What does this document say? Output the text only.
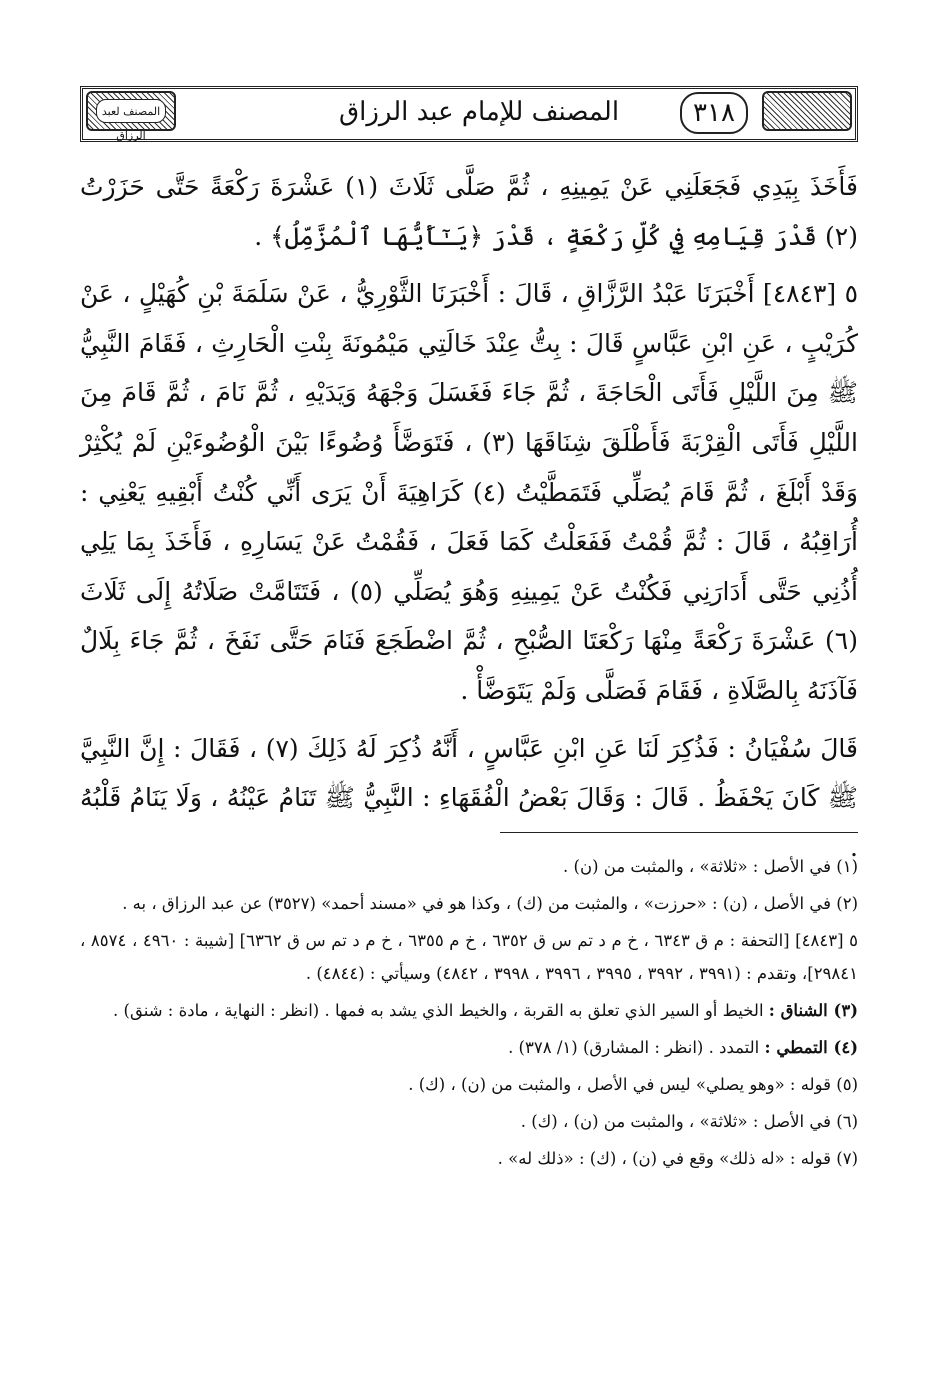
المصنف لعبد الرزاق
المصنف للإمام عبد الرزاق	٣١٨

فَأَخَذَ بِيَدِي فَجَعَلَنِي عَنْ يَمِينِهِ ، ثُمَّ صَلَّى ثَلَاثَ (١) عَشْرَةَ رَكْعَةً حَتَّى حَزَرْتُ (٢) قَدْرَ قِيَامِهِ فِي كُلِّ رَكْعَةٍ ، قَدْرَ ﴿يَـٰٓأَيُّهَا ٱلْمُزَّمِّلُ﴾ .

٥ [٤٨٤٣] أَخْبَرَنَا عَبْدُ الرَّزَّاقِ ، قَالَ : أَخْبَرَنَا الثَّوْرِيُّ ، عَنْ سَلَمَةَ بْنِ كُهَيْلٍ ، عَنْ كُرَيْبٍ ، عَنِ ابْنِ عَبَّاسٍ قَالَ : بِتُّ عِنْدَ خَالَتِي مَيْمُونَةَ بِنْتِ الْحَارِثِ ، فَقَامَ النَّبِيُّ ﷺ مِنَ اللَّيْلِ فَأَتَى الْحَاجَةَ ، ثُمَّ جَاءَ فَغَسَلَ وَجْهَهُ وَيَدَيْهِ ، ثُمَّ نَامَ ، ثُمَّ قَامَ مِنَ اللَّيْلِ فَأَتَى الْقِرْبَةَ فَأَطْلَقَ شِنَاقَهَا (٣) ، فَتَوَضَّأَ وُضُوءًا بَيْنَ الْوُضُوءَيْنِ لَمْ يُكْثِرْ وَقَدْ أَبْلَغَ ، ثُمَّ قَامَ يُصَلِّي فَتَمَطَّيْتُ (٤) كَرَاهِيَةَ أَنْ يَرَى أَنِّي كُنْتُ أَبْقِيهِ يَعْنِي : أُرَاقِبُهُ ، قَالَ : ثُمَّ قُمْتُ فَفَعَلْتُ كَمَا فَعَلَ ، فَقُمْتُ عَنْ يَسَارِهِ ، فَأَخَذَ بِمَا يَلِي أُذُنِي حَتَّى أَدَارَنِي فَكُنْتُ عَنْ يَمِينِهِ وَهُوَ يُصَلِّي (٥) ، فَتَتَامَّتْ صَلَاتُهُ إِلَى ثَلَاثَ (٦) عَشْرَةَ رَكْعَةً مِنْهَا رَكْعَتَا الصُّبْحِ ، ثُمَّ اضْطَجَعَ فَنَامَ حَتَّى نَفَخَ ، ثُمَّ جَاءَ بِلَالٌ فَآذَنَهُ بِالصَّلَاةِ ، فَقَامَ فَصَلَّى وَلَمْ يَتَوَضَّأْ .

قَالَ سُفْيَانُ : فَذُكِرَ لَنَا عَنِ ابْنِ عَبَّاسٍ ، أَنَّهُ ذُكِرَ لَهُ ذَلِكَ (٧) ، فَقَالَ : إِنَّ النَّبِيَّ ﷺ كَانَ يَحْفَظُ . قَالَ : وَقَالَ بَعْضُ الْفُقَهَاءِ : النَّبِيُّ ﷺ تَنَامُ عَيْنُهُ ، وَلَا يَنَامُ قَلْبُهُ .

(١) في الأصل : «ثلاثة» ، والمثبت من (ن) .

(٢) في الأصل ، (ن) : «حرزت» ، والمثبت من (ك) ، وكذا هو في «مسند أحمد» (٣٥٢٧) عن عبد الرزاق ، به .

٥ [٤٨٤٣] [التحفة : م ق ٦٣٤٣ ، خ م د تم س ق ٦٣٥٢ ، خ م ٦٣٥٥ ، خ م د تم س ق ٦٣٦٢] [شيبة : ٤٩٦٠ ، ٨٥٧٤ ، ٢٩٨٤١]، وتقدم : (٣٩٩١ ، ٣٩٩٢ ، ٣٩٩٥ ، ٣٩٩٦ ، ٣٩٩٨ ، ٤٨٤٢) وسيأتي : (٤٨٤٤) .

(٣) الشناق : الخيط أو السير الذي تعلق به القربة ، والخيط الذي يشد به فمها . (انظر : النهاية ، مادة : شنق) .

(٤) التمطي : التمدد . (انظر : المشارق) (١/ ٣٧٨) .

(٥) قوله : «وهو يصلي» ليس في الأصل ، والمثبت من (ن) ، (ك) .

(٦) في الأصل : «ثلاثة» ، والمثبت من (ن) ، (ك) .

(٧) قوله : «له ذلك» وقع في (ن) ، (ك) : «ذلك له» .
